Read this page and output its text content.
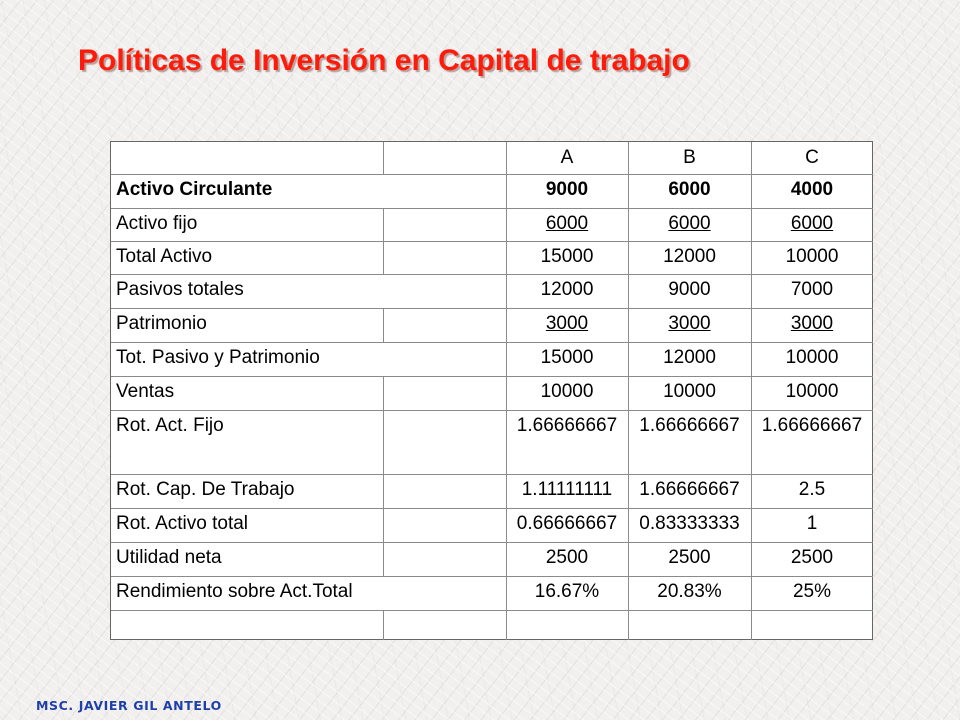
Políticas de Inversión en Capital de trabajo
A	B	C
Activo Circulante	9000	6000	4000
Activo fijo	6000	6000	6000
Total Activo	15000	12000	10000
Pasivos totales	12000	9000	7000
Patrimonio	3000	3000	3000
Tot. Pasivo y Patrimonio	15000	12000	10000
Ventas	10000	10000	10000
Rot. Act. Fijo	1.66666667	1.66666667	1.66666667
Rot. Cap. De Trabajo	1.11111111	1.66666667	2.5
Rot. Activo total	0.66666667	0.83333333	1
Utilidad neta	2500	2500	2500
Rendimiento sobre Act.Total	16.67%	20.83%	25%
MSC. JAVIER GIL ANTELO
